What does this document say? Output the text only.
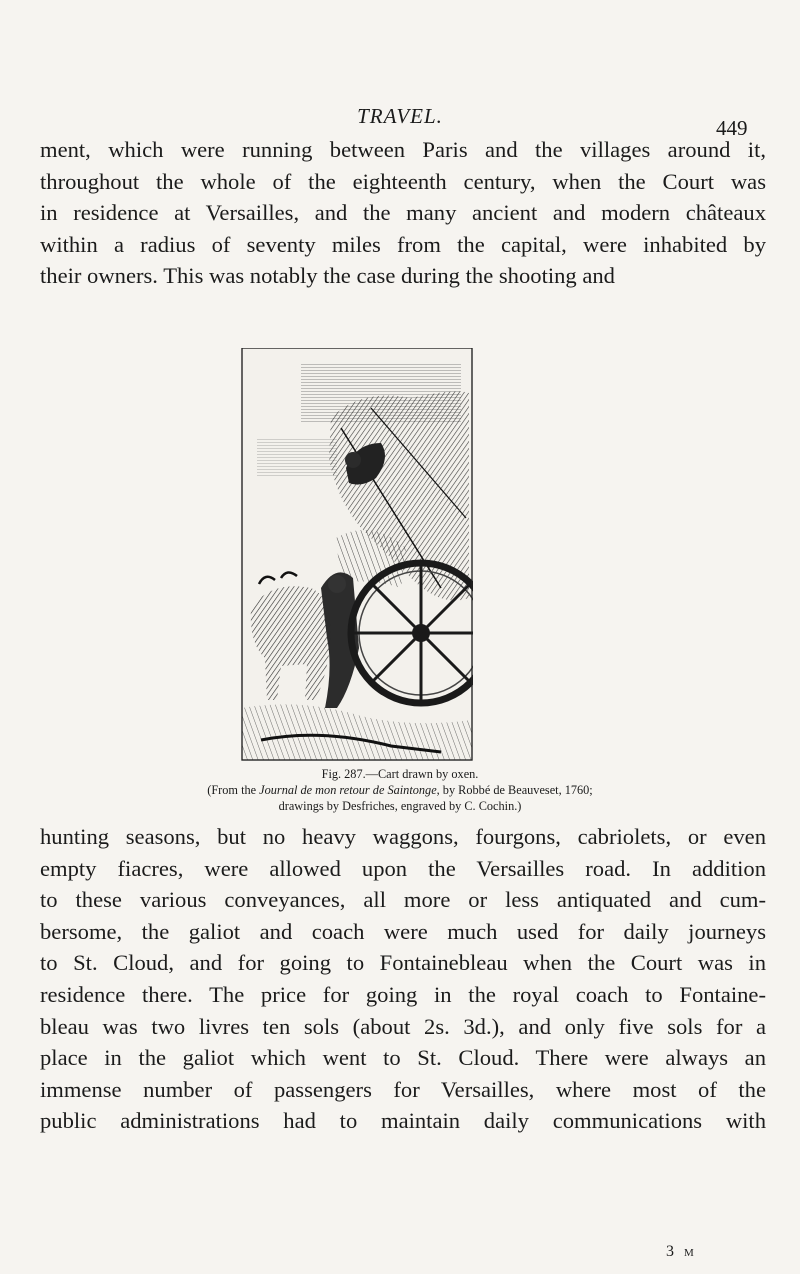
TRAVEL.	449

ment, which were running between Paris and the villages around it,
throughout the whole of the eighteenth century, when the Court was
in residence at Versailles, and the many ancient and modern châteaux
within a radius of seventy miles from the capital, were inhabited by
their owners. This was notably the case during the shooting and

Fig. 287.—Cart drawn by oxen.
(From the Journal de mon retour de Saintonge, by Robbé de Beauveset, 1760;
drawings by Desfriches, engraved by C. Cochin.)

hunting seasons, but no heavy waggons, fourgons, cabriolets, or even
empty fiacres, were allowed upon the Versailles road. In addition
to these various conveyances, all more or less antiquated and cum-
bersome, the galiot and coach were much used for daily journeys
to St. Cloud, and for going to Fontainebleau when the Court was in
residence there. The price for going in the royal coach to Fontaine-
bleau was two livres ten sols (about 2s. 3d.), and only five sols for a
place in the galiot which went to St. Cloud. There were always an
immense number of passengers for Versailles, where most of the
public administrations had to maintain daily communications with

3 M
